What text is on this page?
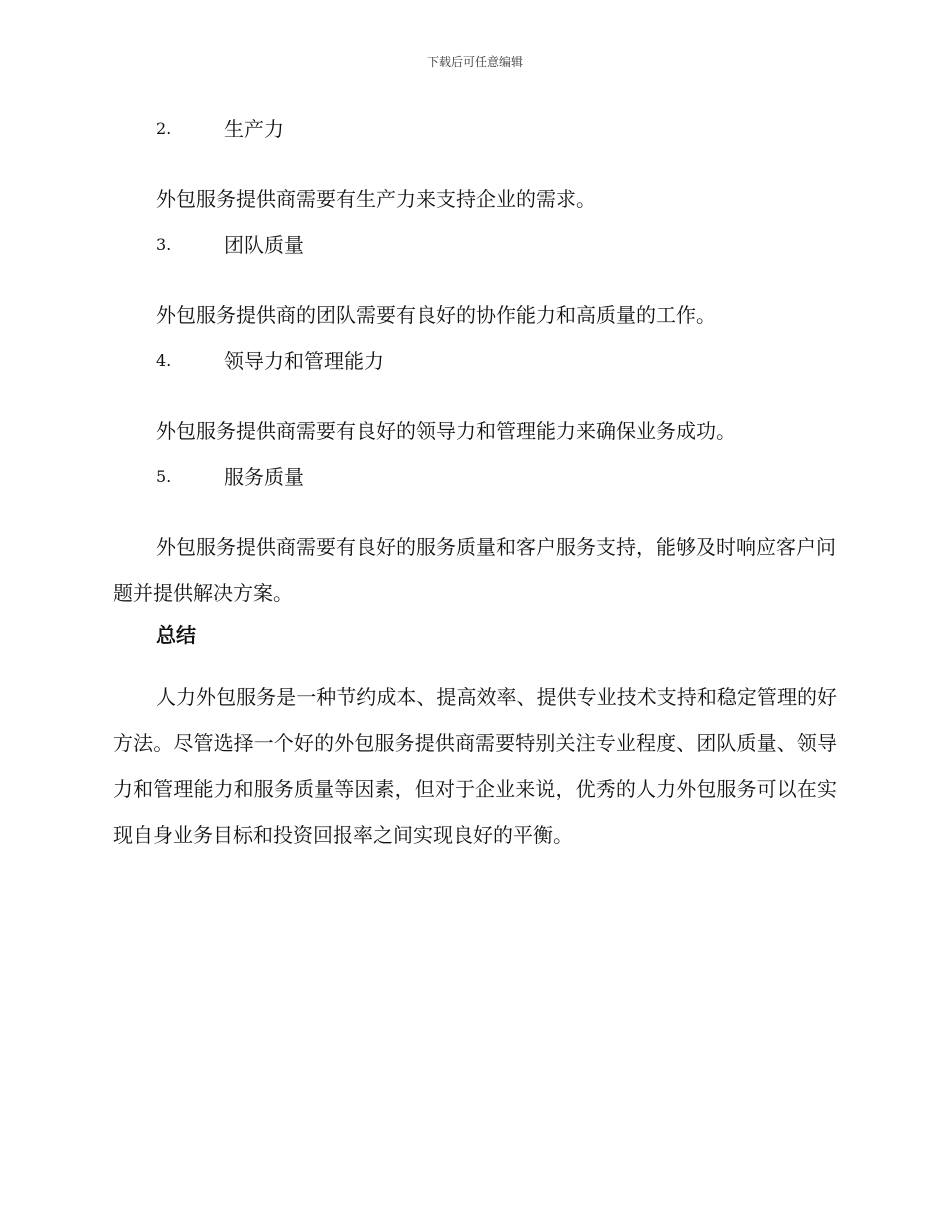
下载后可任意编辑
2.	生产力

外包服务提供商需要有生产力来支持企业的需求。

3.	团队质量

外包服务提供商的团队需要有良好的协作能力和高质量的工作。

4.	领导力和管理能力

外包服务提供商需要有良好的领导力和管理能力来确保业务成功。

5.	服务质量

外包服务提供商需要有良好的服务质量和客户服务支持，能够及时响应客户问题并提供解决方案。

总结

人力外包服务是一种节约成本、提高效率、提供专业技术支持和稳定管理的好方法。尽管选择一个好的外包服务提供商需要特别关注专业程度、团队质量、领导力和管理能力和服务质量等因素，但对于企业来说，优秀的人力外包服务可以在实现自身业务目标和投资回报率之间实现良好的平衡。
